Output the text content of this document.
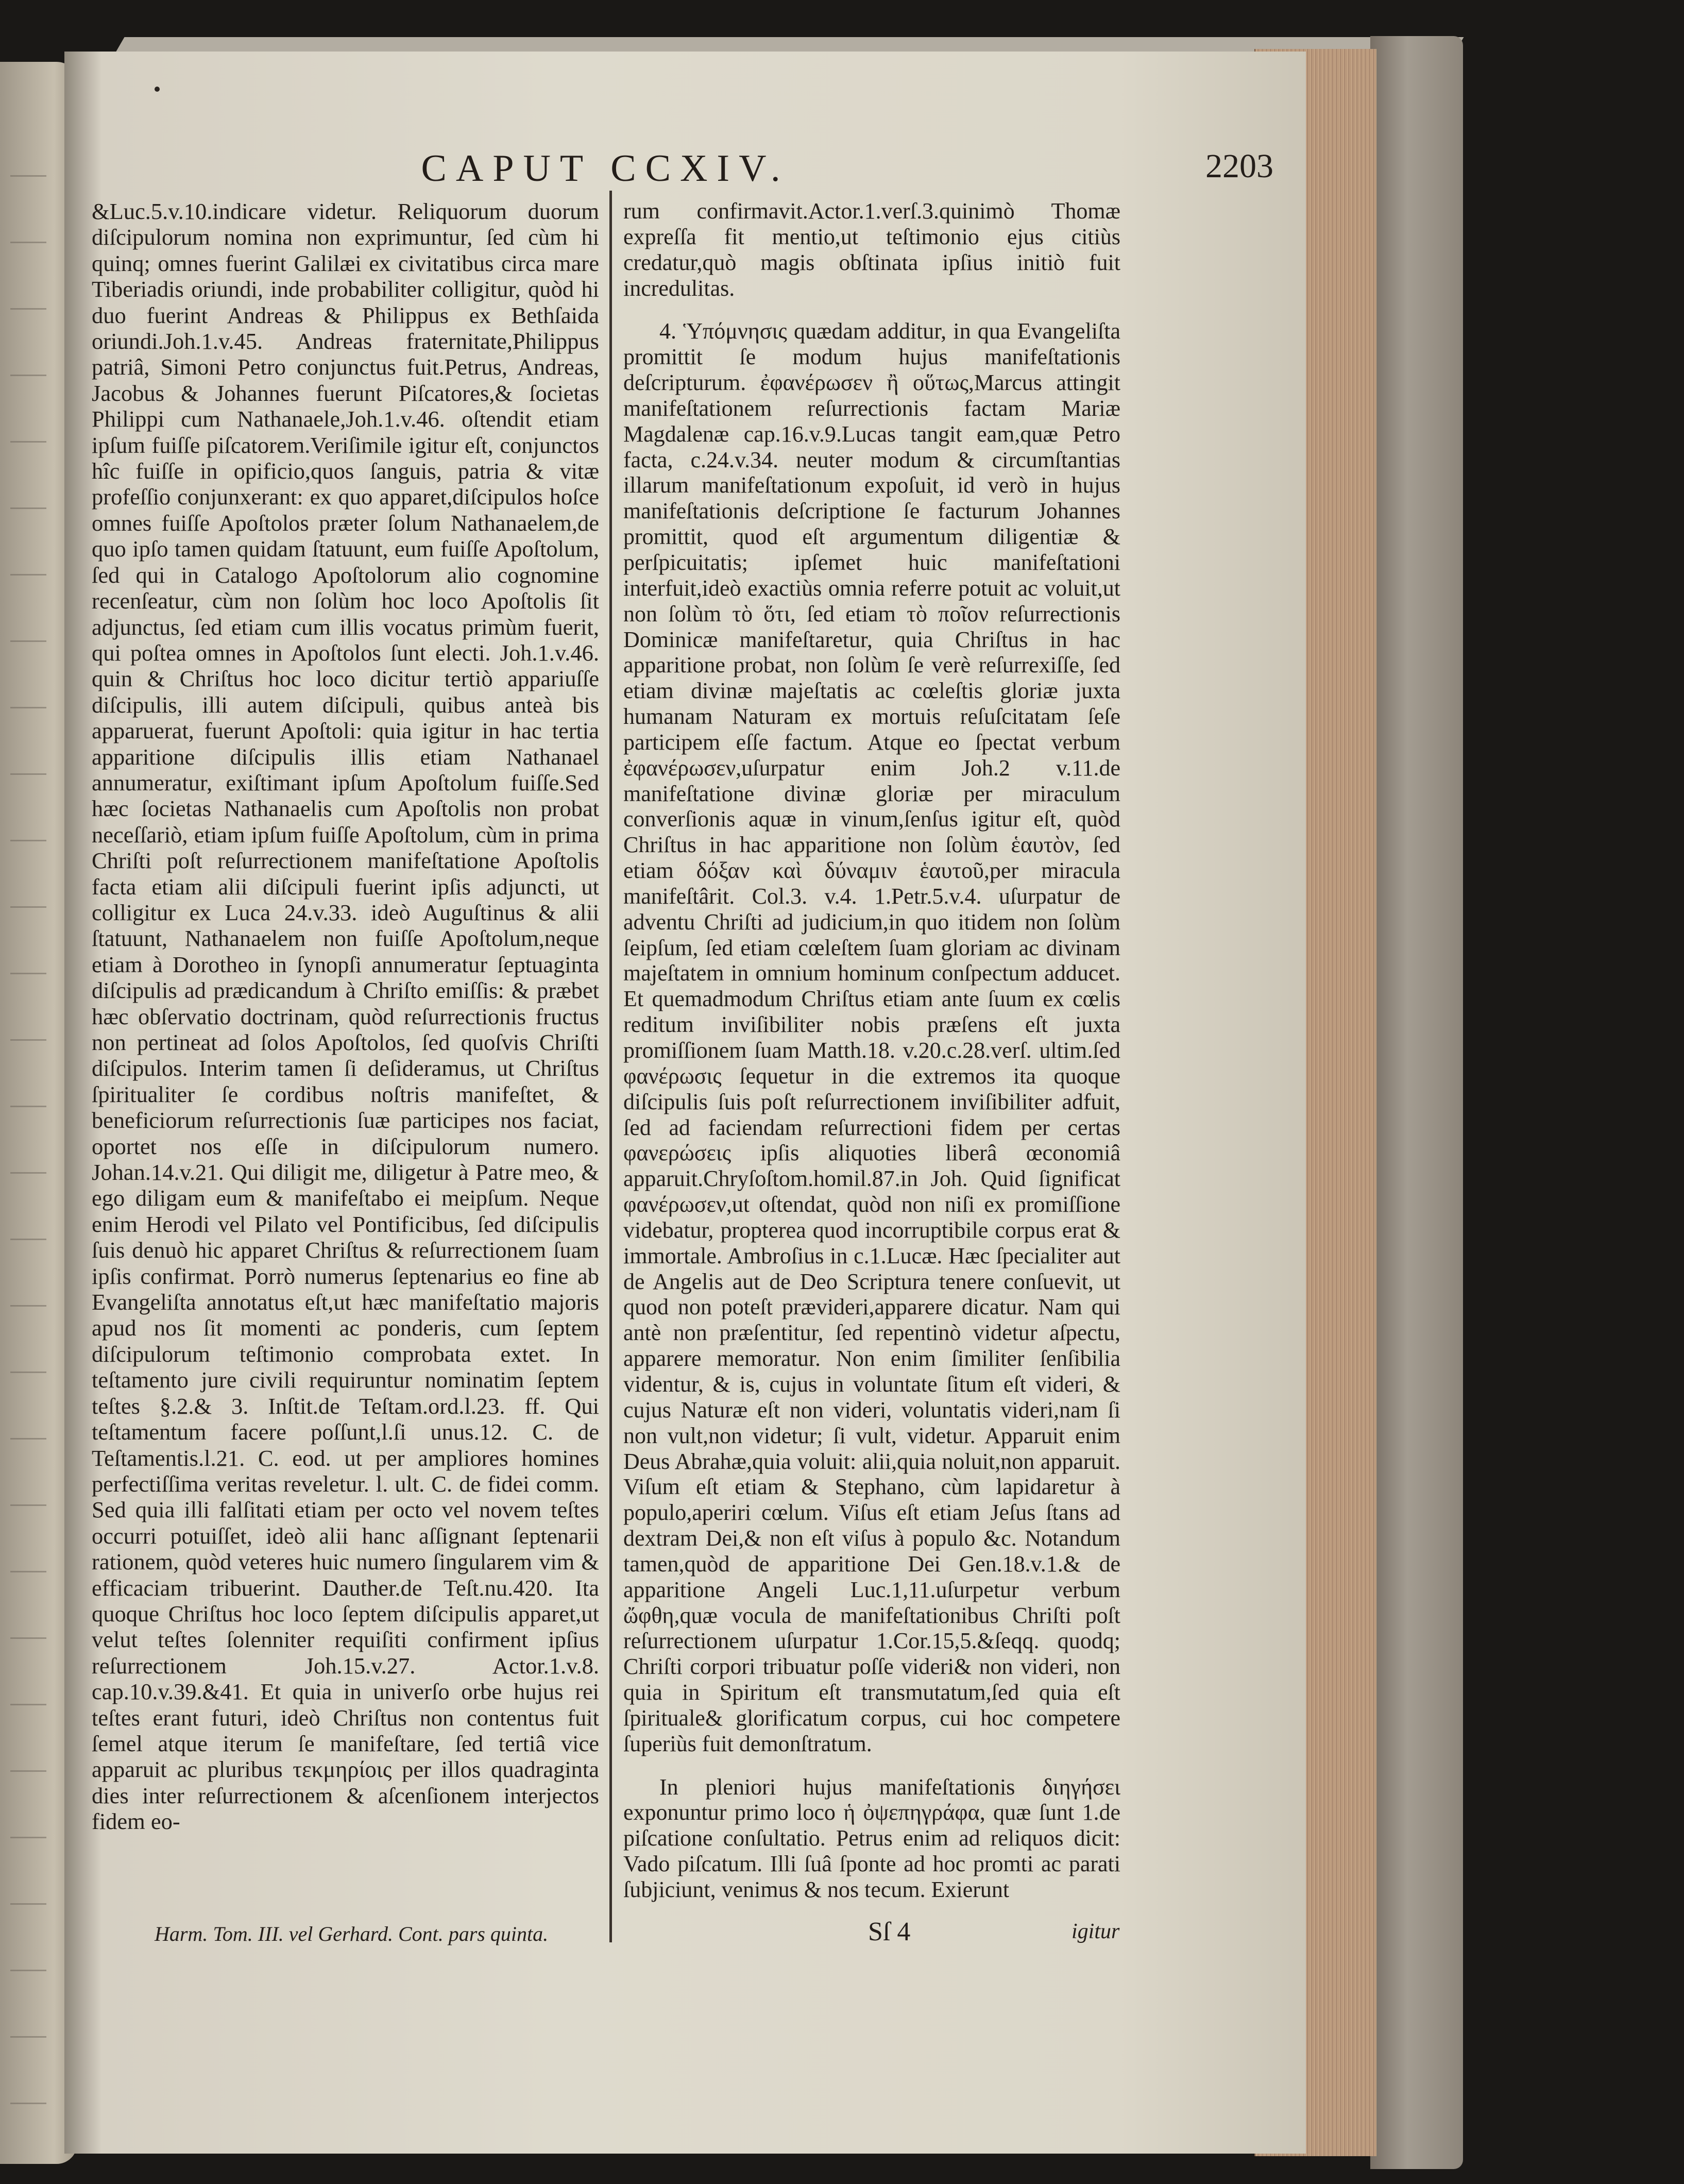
CAPUT CCXIV.	2203

&Luc.5.v.10.indicare videtur. Reliquorum duorum diſcipulorum nomina non exprimuntur, ſed cùm hi quinq; omnes fuerint Galilæi ex civitatibus circa mare Tiberiadis oriundi, inde probabiliter colligitur, quòd hi duo fuerint Andreas & Philippus ex Bethſaida oriundi.Joh.1.v.45. Andreas fraternitate,Philippus patriâ, Simoni Petro conjunctus fuit.Petrus, Andreas, Jacobus & Johannes fuerunt Piſcatores,& ſocietas Philippi cum Nathanaele,Joh.1.v.46. oſtendit etiam ipſum fuiſſe piſcatorem.Veriſimile igitur eſt, conjunctos hîc fuiſſe in opificio,quos ſanguis, patria & vitæ profeſſio conjunxerant: ex quo apparet,diſcipulos hoſce omnes fuiſſe Apoſtolos præter ſolum Nathanaelem,de quo ipſo tamen quidam ſtatuunt, eum fuiſſe Apoſtolum, ſed qui in Catalogo Apoſtolorum alio cognomine recenſeatur, cùm non ſolùm hoc loco Apoſtolis ſit adjunctus, ſed etiam cum illis vocatus primùm fuerit, qui poſtea omnes in Apoſtolos ſunt electi. Joh.1.v.46. quin & Chriſtus hoc loco dicitur tertiò appariuſſe diſcipulis, illi autem diſcipuli, quibus anteà bis apparuerat, fuerunt Apoſtoli: quia igitur in hac tertia apparitione diſcipulis illis etiam Nathanael annumeratur, exiſtimant ipſum Apoſtolum fuiſſe.Sed hæc ſocietas Nathanaelis cum Apoſtolis non probat neceſſariò, etiam ipſum fuiſſe Apoſtolum, cùm in prima Chriſti poſt reſurrectionem manifeſtatione Apoſtolis facta etiam alii diſcipuli fuerint ipſis adjuncti, ut colligitur ex Luca 24.v.33. ideò Auguſtinus & alii ſtatuunt, Nathanaelem non fuiſſe Apoſtolum,neque etiam à Dorotheo in ſynopſi annumeratur ſeptuaginta diſcipulis ad prædicandum à Chriſto emiſſis: & præbet hæc obſervatio doctrinam, quòd reſurrectionis fructus non pertineat ad ſolos Apoſtolos, ſed quoſvis Chriſti diſcipulos. Interim tamen ſi deſideramus, ut Chriſtus ſpiritualiter ſe cordibus noſtris manifeſtet, & beneficiorum reſurrectionis ſuæ participes nos faciat, oportet nos eſſe in diſcipulorum numero. Johan.14.v.21. Qui diligit me, diligetur à Patre meo, & ego diligam eum & manifeſtabo ei meipſum. Neque enim Herodi vel Pilato vel Pontificibus, ſed diſcipulis ſuis denuò hic apparet Chriſtus & reſurrectionem ſuam ipſis confirmat. Porrò numerus ſeptenarius eo fine ab Evangeliſta annotatus eſt,ut hæc manifeſtatio majoris apud nos ſit momenti ac ponderis, cum ſeptem diſcipulorum teſtimonio comprobata extet. In teſtamento jure civili requiruntur nominatim ſeptem teſtes §.2.& 3. Inſtit.de Teſtam.ord.l.23. ff. Qui teſtamentum facere poſſunt,l.ſi unus.12. C. de Teſtamentis.l.21. C. eod. ut per ampliores homines perfectiſſima veritas reveletur. l. ult. C. de fidei comm. Sed quia illi falſitati etiam per octo vel novem teſtes occurri potuiſſet, ideò alii hanc aſſignant ſeptenarii rationem, quòd veteres huic numero ſingularem vim & efficaciam tribuerint. Dauther.de Teſt.nu.420. Ita quoque Chriſtus hoc loco ſeptem diſcipulis apparet,ut velut teſtes ſolenniter requiſiti confirment ipſius reſurrectionem Joh.15.v.27. Actor.1.v.8. cap.10.v.39.&41. Et quia in univerſo orbe hujus rei teſtes erant futuri, ideò Chriſtus non contentus fuit ſemel atque iterum ſe manifeſtare, ſed tertiâ vice apparuit ac pluribus τεκμηρίοις per illos quadraginta dies inter reſurrectionem & aſcenſionem interjectos fidem eo-

rum confirmavit.Actor.1.verſ.3.quinimò Thomæ expreſſa fit mentio,ut teſtimonio ejus citiùs credatur,quò magis obſtinata ipſius initiò fuit incredulitas.

4. Ὑπόμνησις quædam additur, in qua Evangeliſta promittit ſe modum hujus manifeſtationis deſcripturum. ἐφανέρωσεν ἢ οὕτως,Marcus attingit manifeſtationem reſurrectionis factam Mariæ Magdalenæ cap.16.v.9.Lucas tangit eam,quæ Petro facta, c.24.v.34. neuter modum & circumſtantias illarum manifeſtationum expoſuit, id verò in hujus manifeſtationis deſcriptione ſe facturum Johannes promittit, quod eſt argumentum diligentiæ & perſpicuitatis; ipſemet huic manifeſtationi interfuit,ideò exactiùs omnia referre potuit ac voluit,ut non ſolùm τὸ ὅτι, ſed etiam τὸ ποῖον reſurrectionis Dominicæ manifeſtaretur, quia Chriſtus in hac apparitione probat, non ſolùm ſe verè reſurrexiſſe, ſed etiam divinæ majeſtatis ac cœleſtis gloriæ juxta humanam Naturam ex mortuis reſuſcitatam ſeſe participem eſſe factum. Atque eo ſpectat verbum ἐφανέρωσεν,uſurpatur enim Joh.2 v.11.de manifeſtatione divinæ gloriæ per miraculum converſionis aquæ in vinum,ſenſus igitur eſt, quòd Chriſtus in hac apparitione non ſolùm ἑαυτὸν, ſed etiam δόξαν καὶ δύναμιν ἑαυτοῦ,per miracula manifeſtârit. Col.3. v.4. 1.Petr.5.v.4. uſurpatur de adventu Chriſti ad judicium,in quo itidem non ſolùm ſeipſum, ſed etiam cœleſtem ſuam gloriam ac divinam majeſtatem in omnium hominum conſpectum adducet. Et quemadmodum Chriſtus etiam ante ſuum ex cœlis reditum inviſibiliter nobis præſens eſt juxta promiſſionem ſuam Matth.18. v.20.c.28.verſ. ultim.ſed φανέρωσις ſequetur in die extremos ita quoque diſcipulis ſuis poſt reſurrectionem inviſibiliter adfuit, ſed ad faciendam reſurrectioni fidem per certas φανερώσεις ipſis aliquoties liberâ œconomiâ apparuit.Chryſoſtom.homil.87.in Joh. Quid ſignificat φανέρωσεν,ut oſtendat, quòd non niſi ex promiſſione videbatur, propterea quod incorruptibile corpus erat & immortale. Ambroſius in c.1.Lucæ. Hæc ſpecialiter aut de Angelis aut de Deo Scriptura tenere conſuevit, ut quod non poteſt prævideri,apparere dicatur. Nam qui antè non præſentitur, ſed repentinò videtur aſpectu, apparere memoratur. Non enim ſimiliter ſenſibilia videntur, & is, cujus in voluntate ſitum eſt videri, & cujus Naturæ eſt non videri, voluntatis videri,nam ſi non vult,non videtur; ſi vult, videtur. Apparuit enim Deus Abrahæ,quia voluit: alii,quia noluit,non apparuit. Viſum eſt etiam & Stephano, cùm lapidaretur à populo,aperiri cœlum. Viſus eſt etiam Jeſus ſtans ad dextram Dei,& non eſt viſus à populo &c. Notandum tamen,quòd de apparitione Dei Gen.18.v.1.& de apparitione Angeli Luc.1,11.uſurpetur verbum ὤφθη,quæ vocula de manifeſtationibus Chriſti poſt reſurrectionem uſurpatur 1.Cor.15,5.&ſeqq. quodq; Chriſti corpori tribuatur poſſe videri& non videri, non quia in Spiritum eſt transmutatum,ſed quia eſt ſpirituale& glorificatum corpus, cui hoc competere ſuperiùs fuit demonſtratum.

In pleniori hujus manifeſtationis διηγήσει exponuntur primo loco ἡ ὀψεπηγράφα, quæ ſunt 1.de piſcatione conſultatio. Petrus enim ad reliquos dicit: Vado piſcatum. Illi ſuâ ſponte ad hoc promti ac parati ſubjiciunt, venimus & nos tecum. Exierunt

Harm. Tom. III. vel Gerhard. Cont. pars quinta.	Sſ 4	igitur
